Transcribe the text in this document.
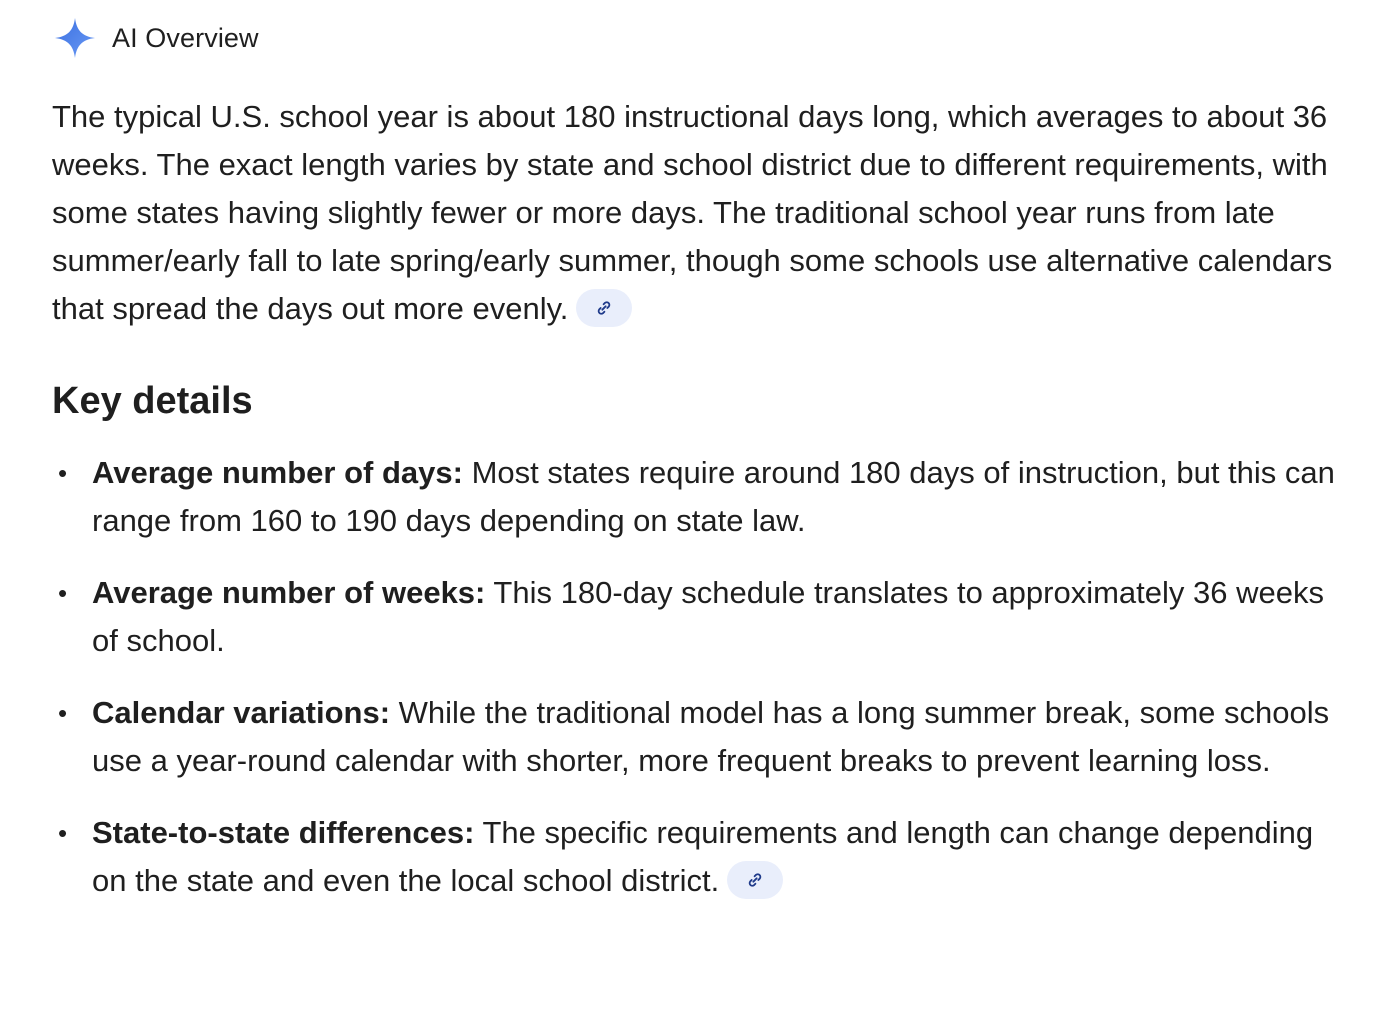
AI Overview

The typical U.S. school year is about 180 instructional days long, which averages to about 36 weeks. The exact length varies by state and school district due to different requirements, with some states having slightly fewer or more days. The traditional school year runs from late summer/early fall to late spring/early summer, though some schools use alternative calendars that spread the days out more evenly.

Key details
• Average number of days: Most states require around 180 days of instruction, but this can range from 160 to 190 days depending on state law.
• Average number of weeks: This 180-day schedule translates to approximately 36 weeks of school.
• Calendar variations: While the traditional model has a long summer break, some schools use a year-round calendar with shorter, more frequent breaks to prevent learning loss.
• State-to-state differences: The specific requirements and length can change depending on the state and even the local school district.
